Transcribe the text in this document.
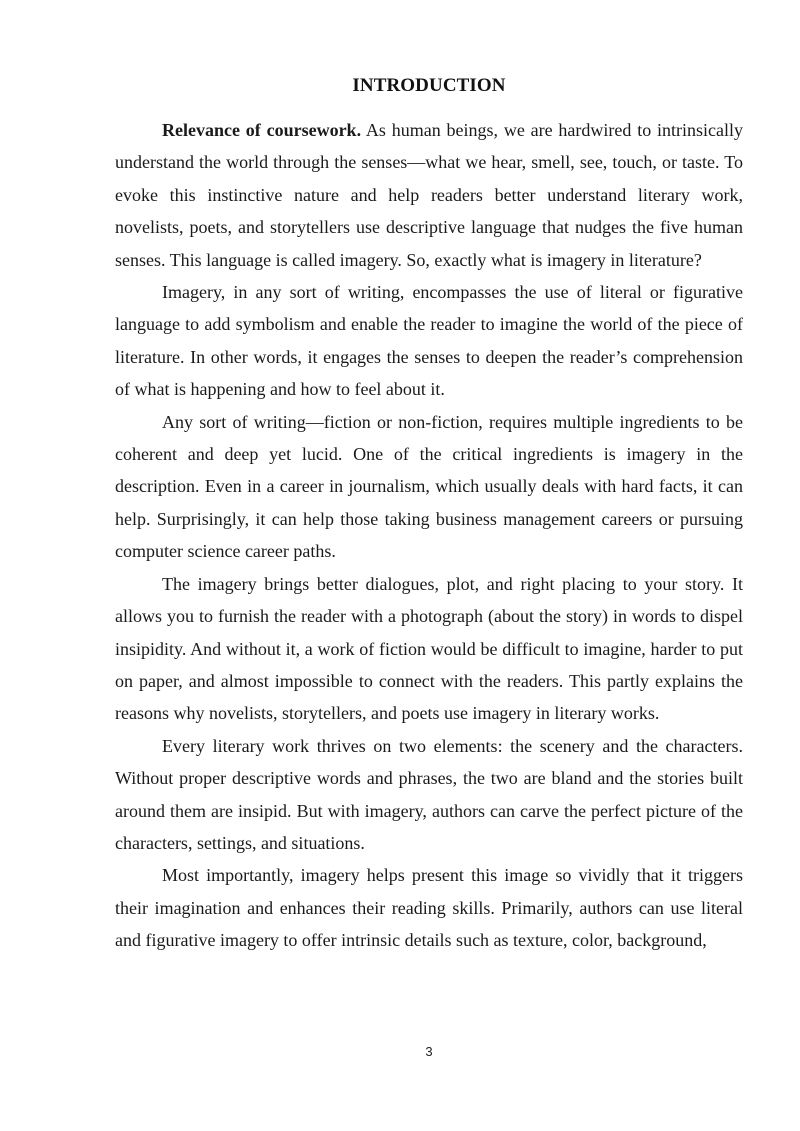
INTRODUCTION

Relevance of coursework. As human beings, we are hardwired to intrinsically understand the world through the senses—what we hear, smell, see, touch, or taste. To evoke this instinctive nature and help readers better understand literary work, novelists, poets, and storytellers use descriptive language that nudges the five human senses. This language is called imagery. So, exactly what is imagery in literature?

Imagery, in any sort of writing, encompasses the use of literal or figurative language to add symbolism and enable the reader to imagine the world of the piece of literature. In other words, it engages the senses to deepen the reader’s comprehension of what is happening and how to feel about it.

Any sort of writing—fiction or non-fiction, requires multiple ingredients to be coherent and deep yet lucid. One of the critical ingredients is imagery in the description. Even in a career in journalism, which usually deals with hard facts, it can help. Surprisingly, it can help those taking business management careers or pursuing computer science career paths.

The imagery brings better dialogues, plot, and right placing to your story. It allows you to furnish the reader with a photograph (about the story) in words to dispel insipidity. And without it, a work of fiction would be difficult to imagine, harder to put on paper, and almost impossible to connect with the readers. This partly explains the reasons why novelists, storytellers, and poets use imagery in literary works.

Every literary work thrives on two elements: the scenery and the characters. Without proper descriptive words and phrases, the two are bland and the stories built around them are insipid. But with imagery, authors can carve the perfect picture of the characters, settings, and situations.

Most importantly, imagery helps present this image so vividly that it triggers their imagination and enhances their reading skills. Primarily, authors can use literal and figurative imagery to offer intrinsic details such as texture, color, background,

3
